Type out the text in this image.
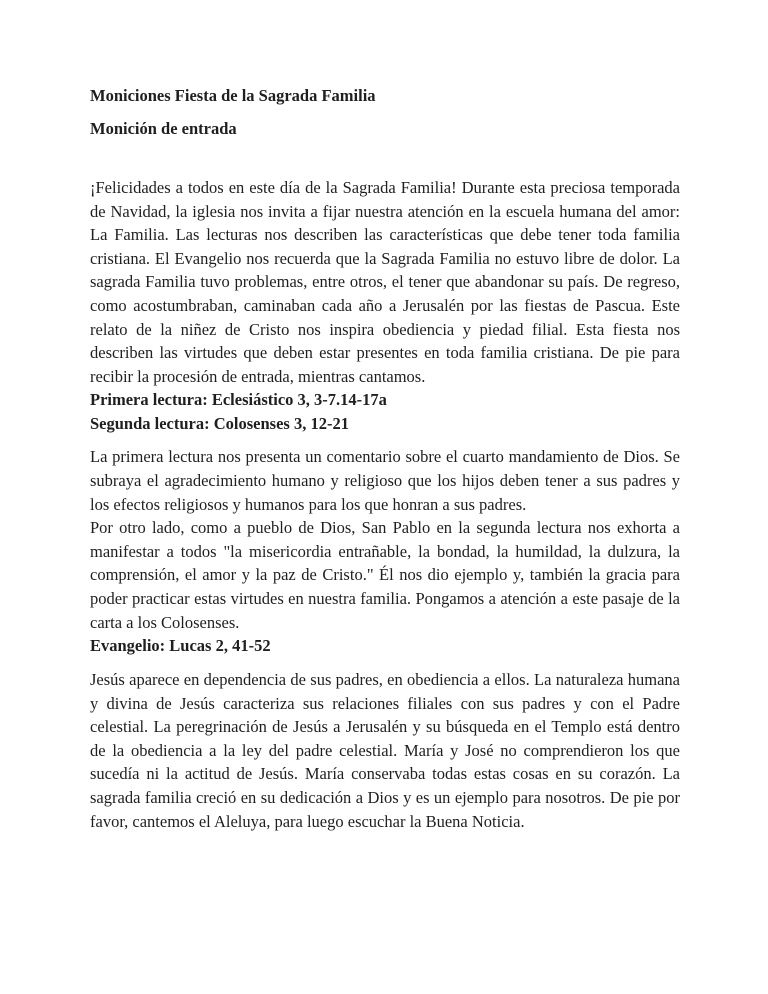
Moniciones Fiesta de la Sagrada Familia
Monición de entrada

¡Felicidades a todos en este día de la Sagrada Familia! Durante esta preciosa temporada de Navidad, la iglesia nos invita a fijar nuestra atención en la escuela humana del amor: La Familia. Las lecturas nos describen las características que debe tener toda familia cristiana. El Evangelio nos recuerda que la Sagrada Familia no estuvo libre de dolor. La sagrada Familia tuvo problemas, entre otros, el tener que abandonar su país. De regreso, como acostumbraban, caminaban cada año a Jerusalén por las fiestas de Pascua. Este relato de la niñez de Cristo nos inspira obediencia y piedad filial. Esta fiesta nos describen las virtudes que deben estar presentes en toda familia cristiana. De pie para recibir la procesión de entrada, mientras cantamos.

Primera lectura: Eclesiástico 3, 3-7.14-17a
Segunda lectura: Colosenses 3, 12-21

La primera lectura nos presenta un comentario sobre el cuarto mandamiento de Dios. Se subraya el agradecimiento humano y religioso que los hijos deben tener a sus padres y los efectos religiosos y humanos para los que honran a sus padres.

Por otro lado, como a pueblo de Dios, San Pablo en la segunda lectura nos exhorta a manifestar a todos "la misericordia entrañable, la bondad, la humildad, la dulzura, la comprensión, el amor y la paz de Cristo." Él nos dio ejemplo y, también la gracia para poder practicar estas virtudes en nuestra familia. Pongamos a atención a este pasaje de la carta a los Colosenses.

Evangelio: Lucas 2, 41-52

Jesús aparece en dependencia de sus padres, en obediencia a ellos. La naturaleza humana y divina de Jesús caracteriza sus relaciones filiales con sus padres y con el Padre celestial. La peregrinación de Jesús a Jerusalén y su búsqueda en el Templo está dentro de la obediencia a la ley del padre celestial. María y José no comprendieron los que sucedía ni la actitud de Jesús. María conservaba todas estas cosas en su corazón. La sagrada familia creció en su dedicación a Dios y es un ejemplo para nosotros. De pie por favor, cantemos el Aleluya, para luego escuchar la Buena Noticia.
